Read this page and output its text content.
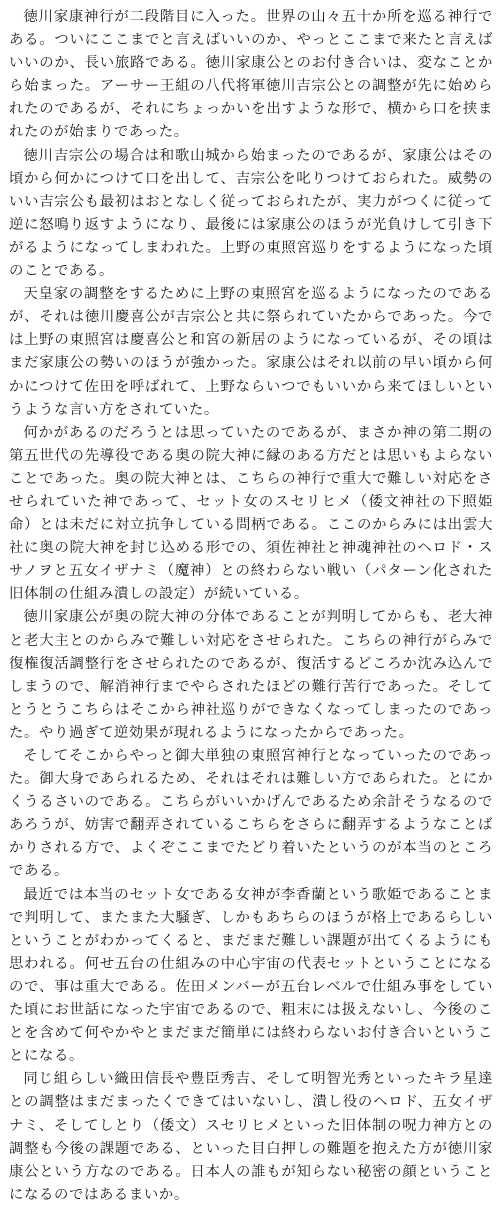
徳川家康神行が二段階目に入った。世界の山々五十か所を巡る神行である。ついにここまでと言えばいいのか、やっとここまで来たと言えばいいのか、長い旅路である。徳川家康公とのお付き合いは、変なことから始まった。アーサー王組の八代将軍徳川吉宗公との調整が先に始められたのであるが、それにちょっかいを出すような形で、横から口を挟まれたのが始まりであった。

徳川吉宗公の場合は和歌山城から始まったのであるが、家康公はその頃から何かにつけて口を出して、吉宗公を叱りつけておられた。威勢のいい吉宗公も最初はおとなしく従っておられたが、実力がつくに従って逆に怒鳴り返すようになり、最後には家康公のほうが光負けして引き下がるようになってしまわれた。上野の東照宮巡りをするようになった頃のことである。

天皇家の調整をするために上野の東照宮を巡るようになったのであるが、それは徳川慶喜公が吉宗公と共に祭られていたからであった。今では上野の東照宮は慶喜公と和宮の新居のようになっているが、その頃はまだ家康公の勢いのほうが強かった。家康公はそれ以前の早い頃から何かにつけて佐田を呼ばれて、上野ならいつでもいいから来てほしいというような言い方をされていた。

何かがあるのだろうとは思っていたのであるが、まさか神の第二期の第五世代の先導役である奥の院大神に縁のある方だとは思いもよらないことであった。奥の院大神とは、こちらの神行で重大で難しい対応をさせられていた神であって、セット女のスセリヒメ（倭文神社の下照姫命）とは未だに対立抗争している問柄である。ここのからみには出雲大社に奥の院大神を封じ込める形での、須佐神社と神魂神社のヘロド・スサノヲと五女イザナミ（魔神）との終わらない戦い（パターン化された旧体制の仕組み潰しの設定）が続いている。

徳川家康公が奥の院大神の分体であることが判明してからも、老大神と老大主とのからみで難しい対応をさせられた。こちらの神行がらみで復権復活調整行をさせられたのであるが、復活するどころか沈み込んでしまうので、解消神行までやらされたほどの難行苦行であった。そしてとうとうこちらはそこから神社巡りができなくなってしまったのであった。やり過ぎて逆効果が現れるようになったからであった。

そしてそこからやっと御大単独の東照宮神行となっていったのであった。御大身であられるため、それはそれは難しい方であられた。とにかくうるさいのである。こちらがいいかげんであるため余計そうなるのであろうが、妨害で翻弄されているこちらをさらに翻弄するようなことばかりされる方で、よくぞここまでたどり着いたというのが本当のところである。

最近では本当のセット女である女神が李香蘭という歌姫であることまで判明して、またまた大騒ぎ、しかもあちらのほうが格上であるらしいということがわかってくると、まだまだ難しい課題が出てくるようにも思われる。何せ五台の仕組みの中心宇宙の代表セットということになるので、事は重大である。佐田メンバーが五台レベルで仕組み事をしていた頃にお世話になった宇宙であるので、粗末には扱えないし、今後のことを含めて何やかやとまだまだ簡単には終わらないお付き合いということになる。

同じ組らしい織田信長や豊臣秀吉、そして明智光秀といったキラ星達との調整はまだまったくできてはいないし、潰し役のヘロド、五女イザナミ、そしてしとり（倭文）スセリヒメといった旧体制の呪力神方との調整も今後の課題である、といった目白押しの難題を抱えた方が徳川家康公という方なのである。日本人の誰もが知らない秘密の顔ということになるのではあるまいか。
